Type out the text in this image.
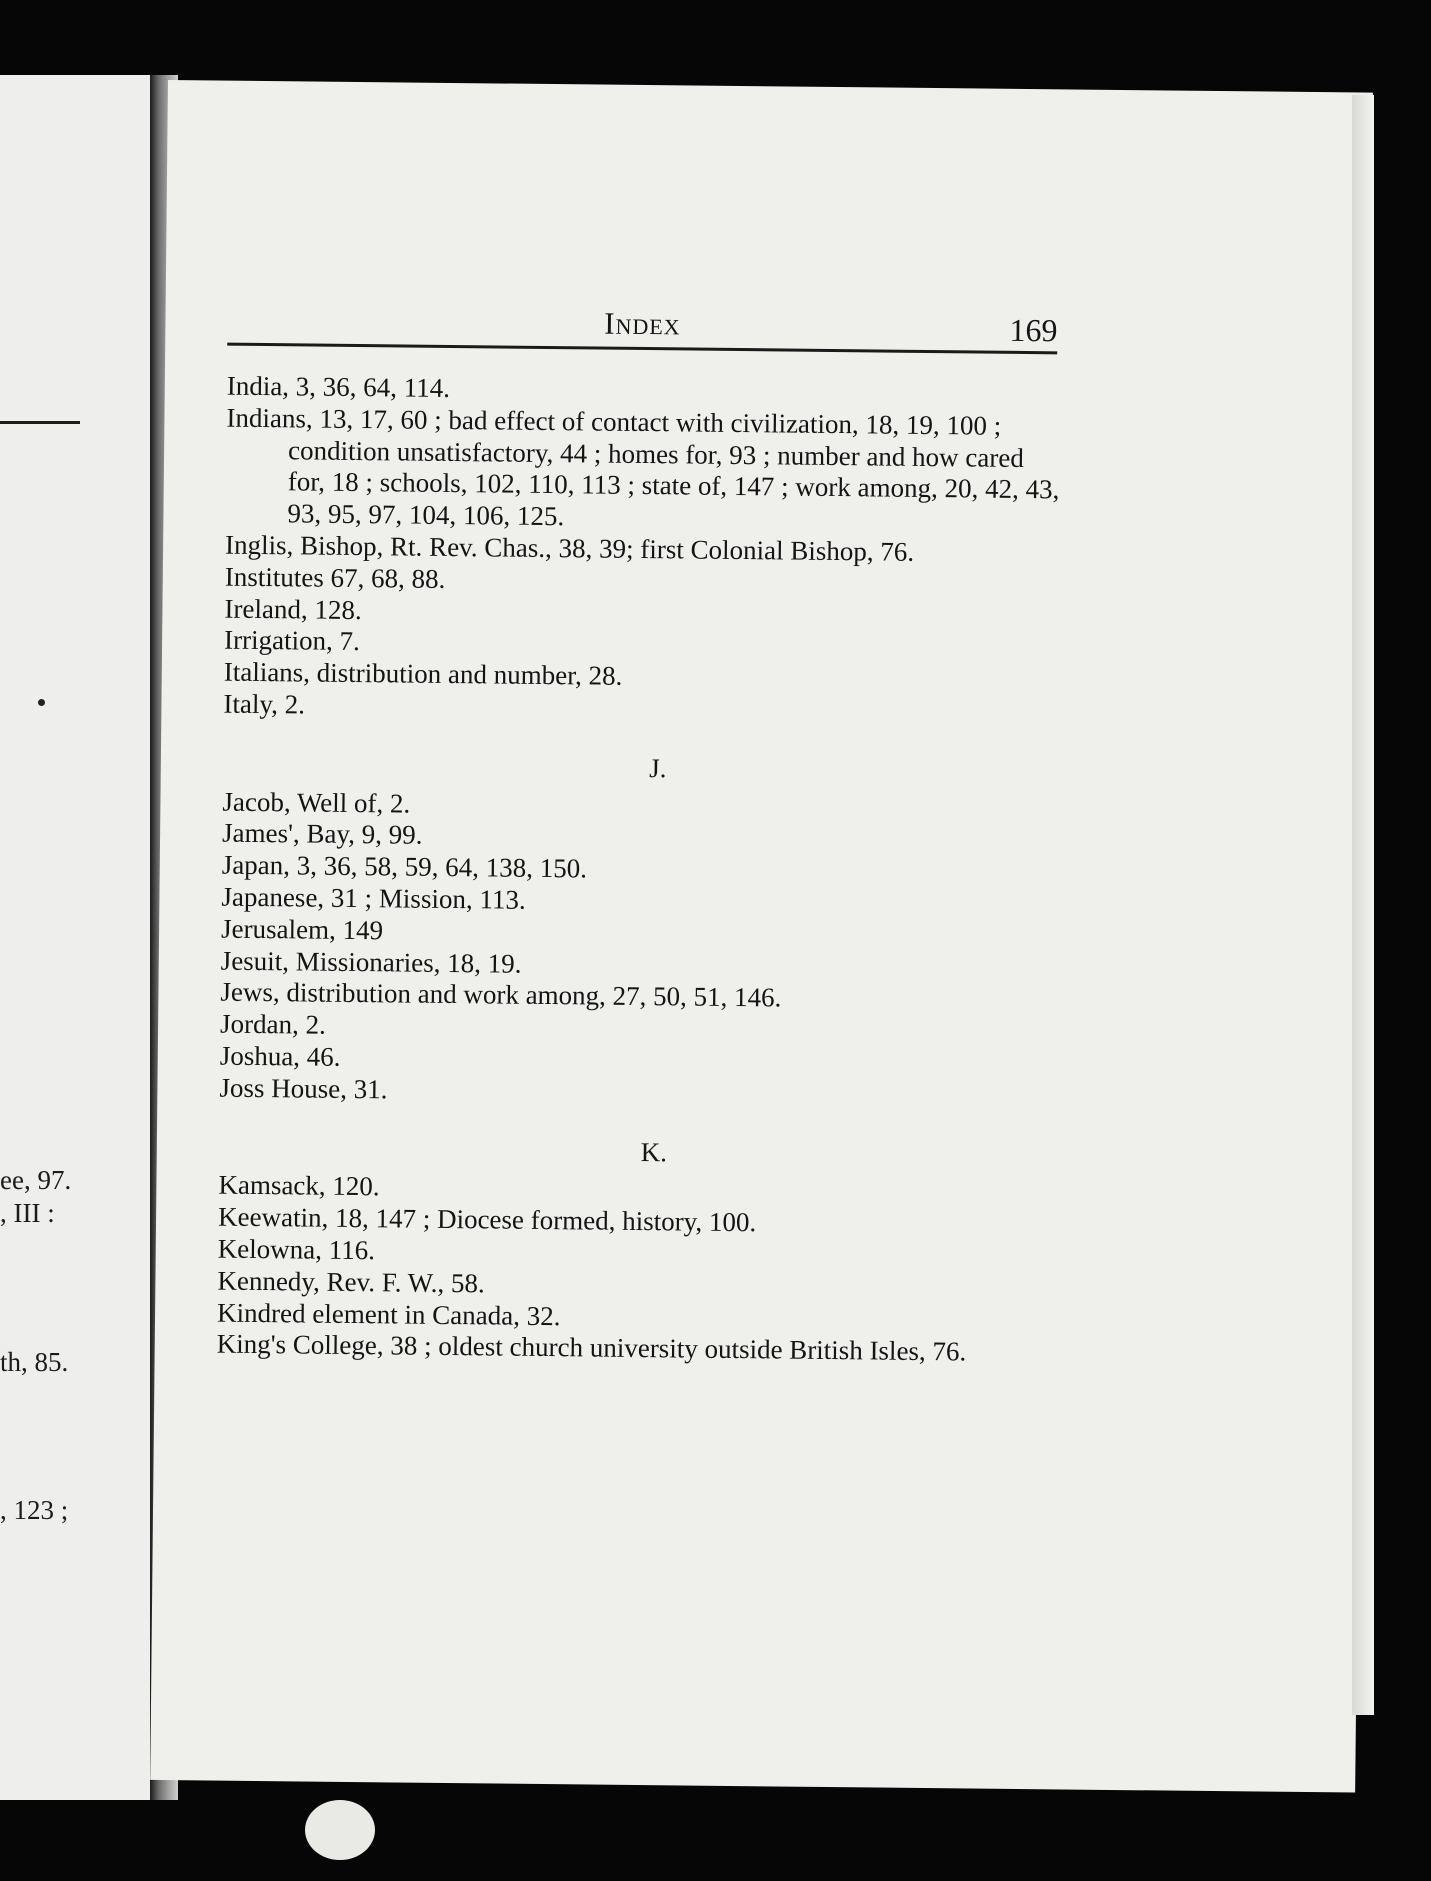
ee, 97.
, III :
th, 85.
, 123 ;
Index	169

India, 3, 36, 64, 114.

Indians, 13, 17, 60 ; bad effect of contact with civilization, 18, 19, 100 ; condition unsatisfactory, 44 ; homes for, 93 ; number and how cared for, 18 ; schools, 102, 110, 113 ; state of, 147 ; work among, 20, 42, 43, 93, 95, 97, 104, 106, 125.

Inglis, Bishop, Rt. Rev. Chas., 38, 39; first Colonial Bishop, 76.

Institutes 67, 68, 88.

Ireland, 128.

Irrigation, 7.

Italians, distribution and number, 28.

Italy, 2.

J.

Jacob, Well of, 2.

James', Bay, 9, 99.

Japan, 3, 36, 58, 59, 64, 138, 150.

Japanese, 31 ; Mission, 113.

Jerusalem, 149

Jesuit, Missionaries, 18, 19.

Jews, distribution and work among, 27, 50, 51, 146.

Jordan, 2.

Joshua, 46.

Joss House, 31.

K.

Kamsack, 120.

Keewatin, 18, 147 ; Diocese formed, history, 100.

Kelowna, 116.

Kennedy, Rev. F. W., 58.

Kindred element in Canada, 32.

King's College, 38 ; oldest church university outside British Isles, 76.
